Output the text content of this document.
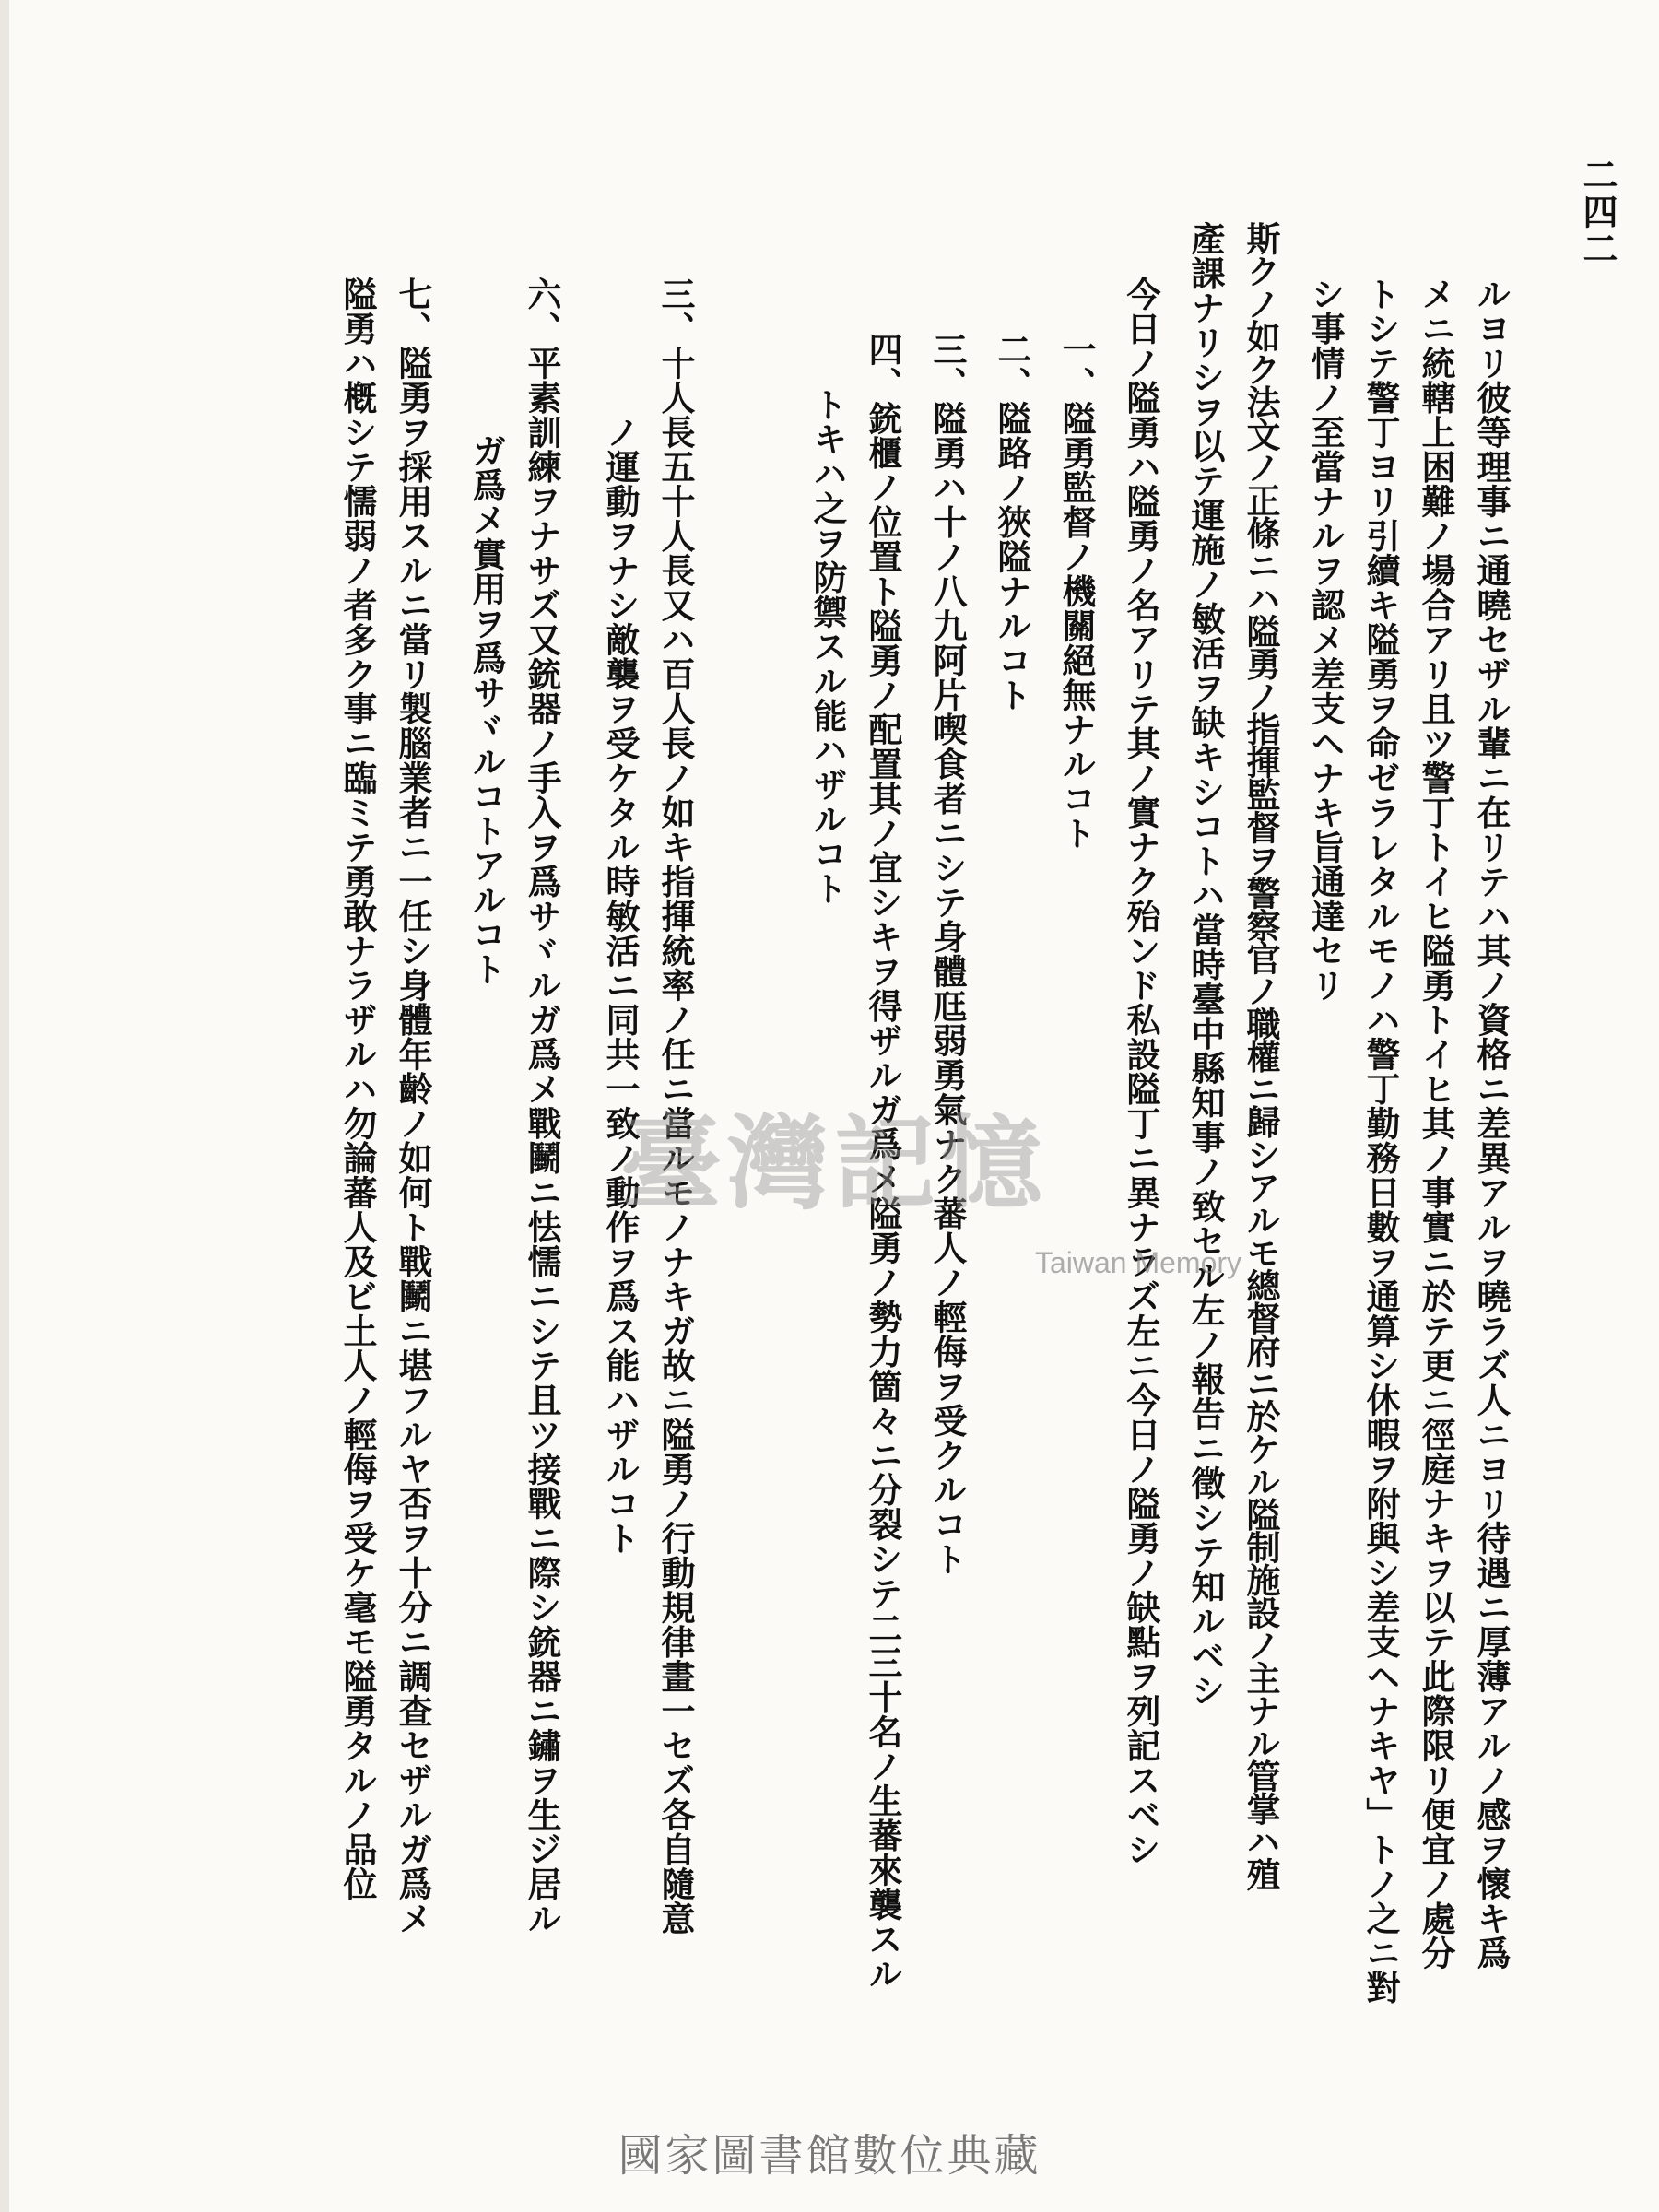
二四二
ルヨリ彼等理事ニ通曉セザル輩ニ在リテハ其ノ資格ニ差異アルヲ曉ラズ人ニヨリ待遇ニ厚薄アルノ感ヲ懷キ爲
メニ統轄上困難ノ場合アリ且ツ警丁トイヒ隘勇トイヒ其ノ事實ニ於テ更ニ徑庭ナキヲ以テ此際限リ便宜ノ處分
トシテ警丁ヨリ引續キ隘勇ヲ命ゼラレタルモノハ警丁勤務日數ヲ通算シ休暇ヲ附與シ差支ヘナキヤ」トノ之ニ對
シ事情ノ至當ナルヲ認メ差支ヘナキ旨通達セリ
斯クノ如ク法文ノ正條ニハ隘勇ノ指揮監督ヲ警察官ノ職權ニ歸シアルモ總督府ニ於ケル隘制施設ノ主ナル管掌ハ殖
產課ナリシヲ以テ運施ノ敏活ヲ缺キシコトハ當時臺中縣知事ノ致セル左ノ報告ニ徵シテ知ルベシ
今日ノ隘勇ハ隘勇ノ名アリテ其ノ實ナク殆ンド私設隘丁ニ異ナラズ左ニ今日ノ隘勇ノ缺點ヲ列記スベシ
一、隘勇監督ノ機關絕無ナルコト
二、隘路ノ狹隘ナルコト
三、隘勇ハ十ノ八九阿片喫食者ニシテ身體尫弱勇氣ナク蕃人ノ輕侮ヲ受クルコト
四、銃櫃ノ位置ト隘勇ノ配置其ノ宜シキヲ得ザルガ爲メ隘勇ノ勢力箇々ニ分裂シテ二三十名ノ生蕃來襲スル
トキハ之ヲ防禦スル能ハザルコト
三、十人長五十人長又ハ百人長ノ如キ指揮統率ノ任ニ當ルモノナキガ故ニ隘勇ノ行動規律畫一セズ各自隨意
ノ運動ヲナシ敵襲ヲ受ケタル時敏活ニ同共一致ノ動作ヲ爲ス能ハザルコト
六、平素訓練ヲナサズ又銃器ノ手入ヲ爲サヾルガ爲メ戰鬭ニ怯懦ニシテ且ツ接戰ニ際シ銃器ニ鏽ヲ生ジ居ル
ガ爲メ實用ヲ爲サヾルコトアルコト
七、隘勇ヲ採用スルニ當リ製腦業者ニ一任シ身體年齡ノ如何ト戰鬭ニ堪フルヤ否ヲ十分ニ調查セザルガ爲メ
隘勇ハ槪シテ懦弱ノ者多ク事ニ臨ミテ勇敢ナラザルハ勿論蕃人及ビ土人ノ輕侮ヲ受ケ毫モ隘勇タルノ品位 臺灣記憶
Taiwan Memory
國家圖書館數位典藏
